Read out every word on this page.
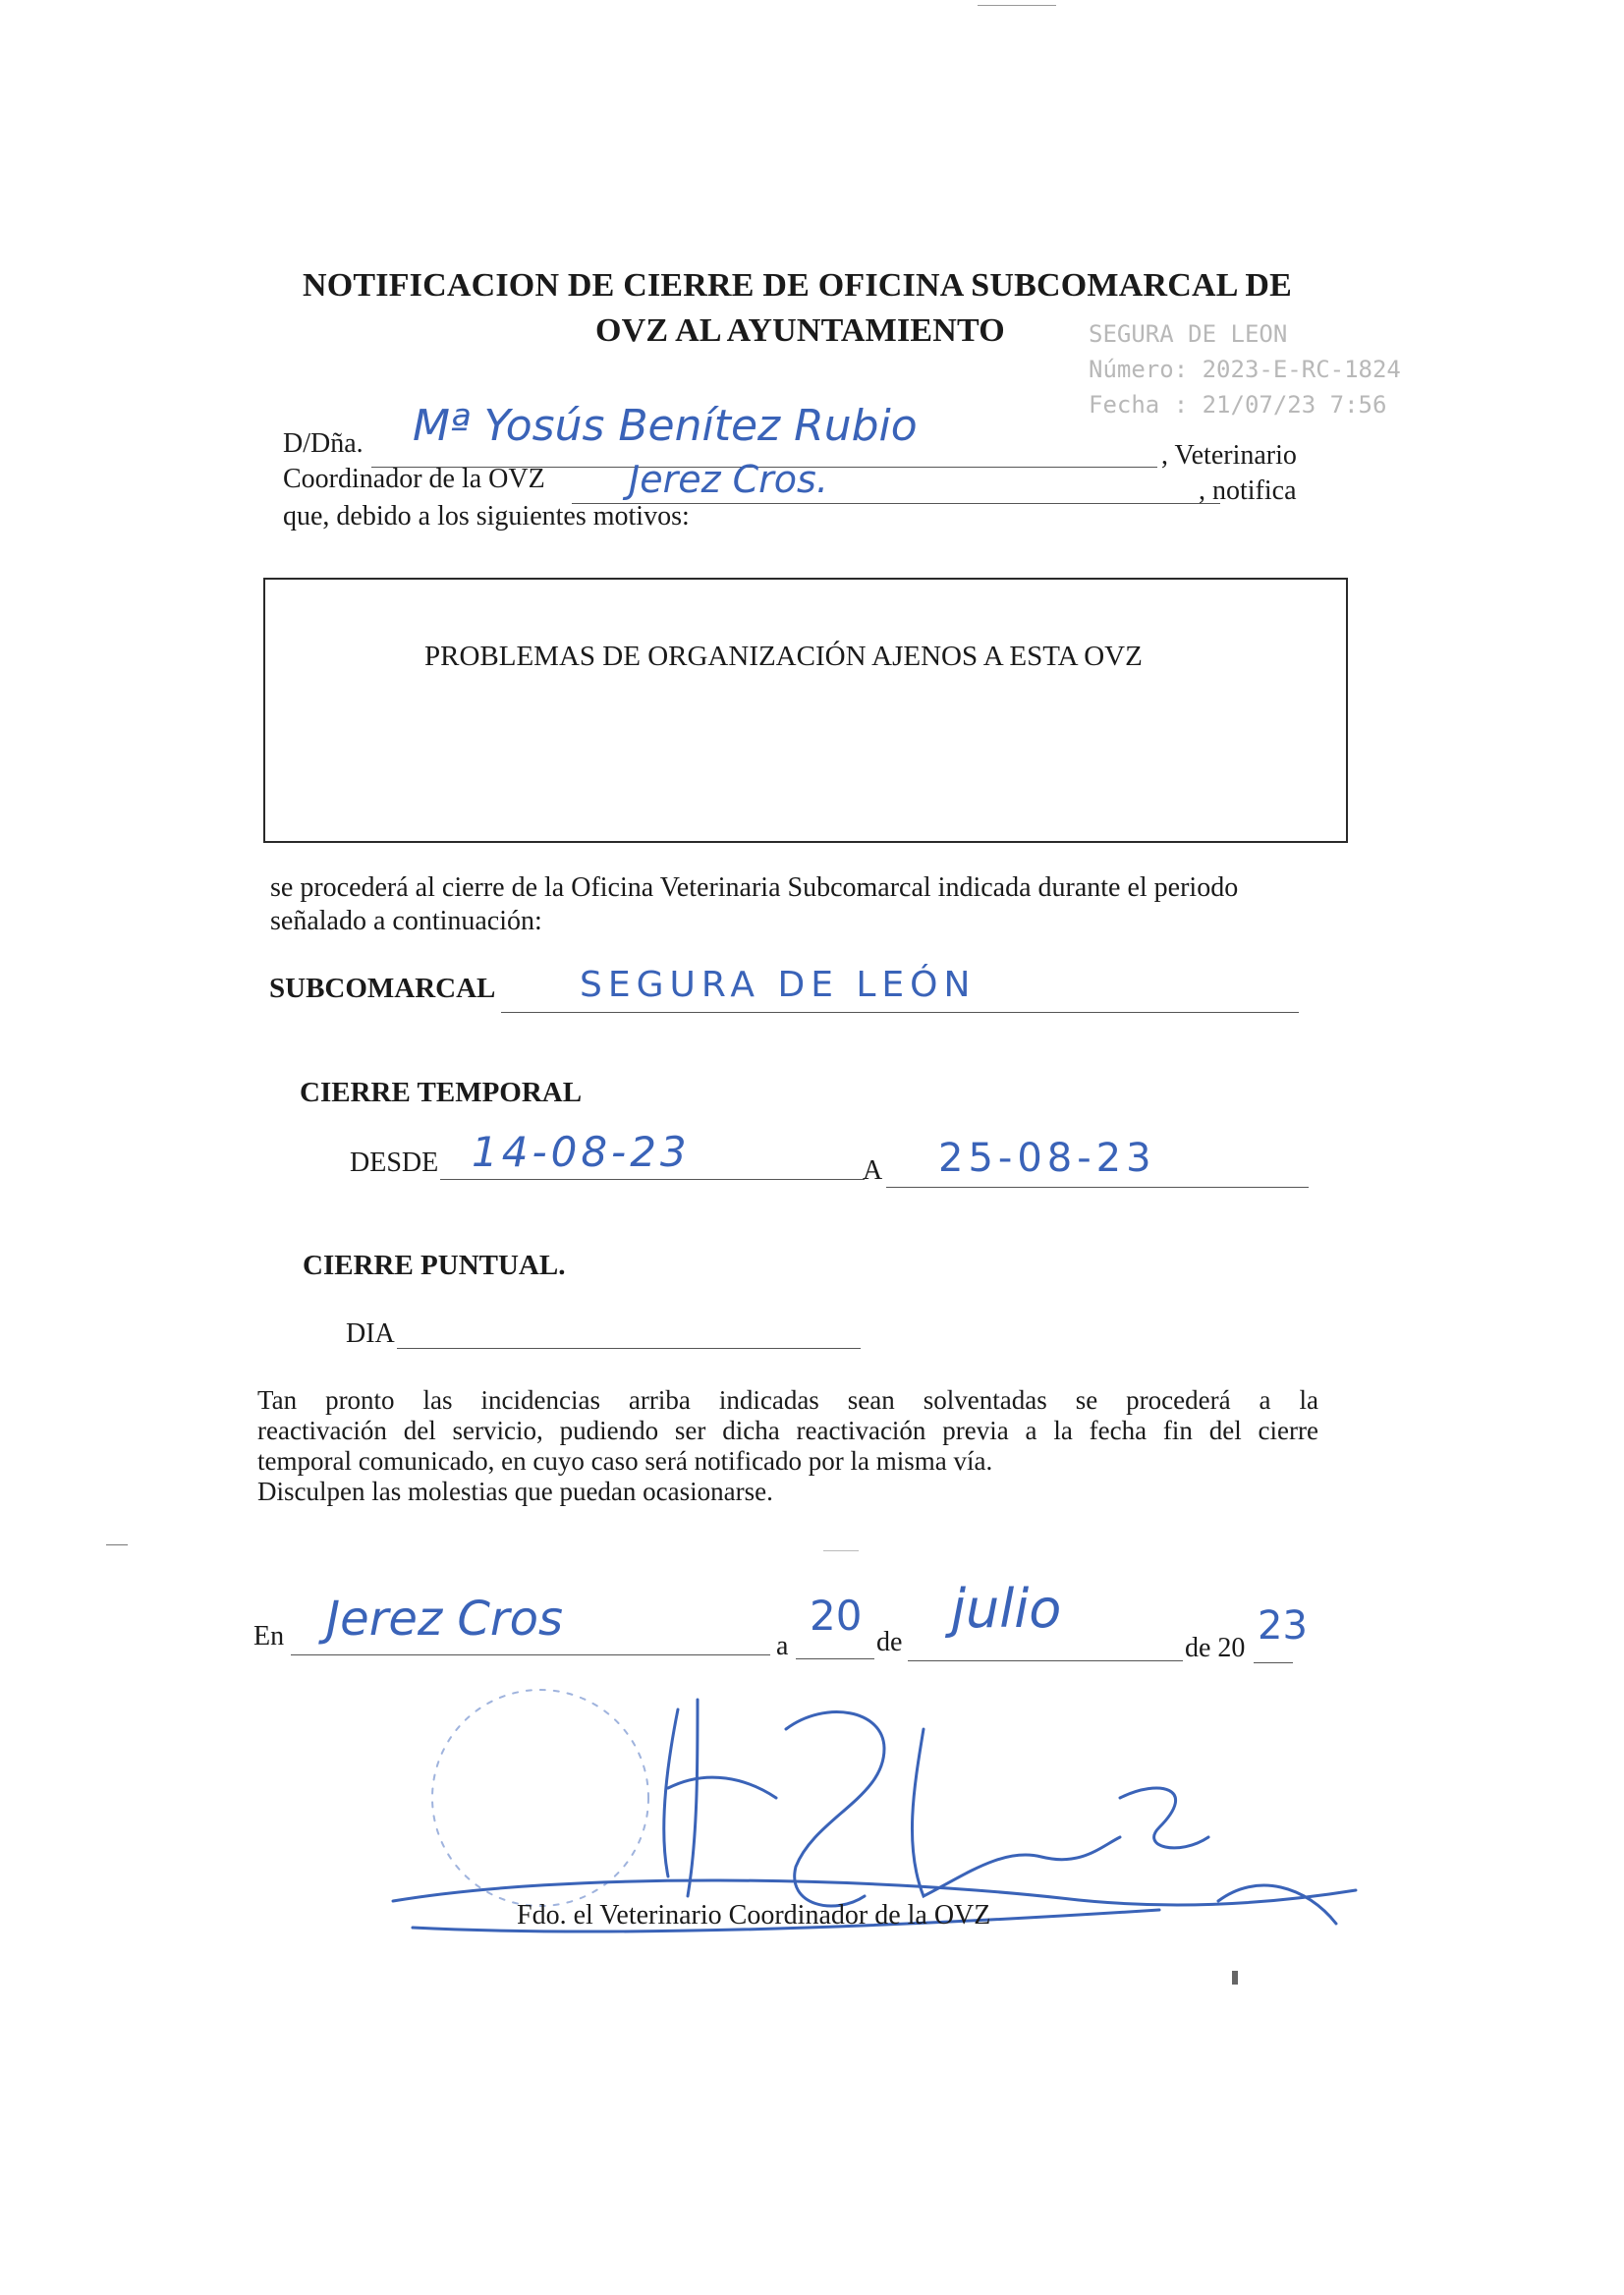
NOTIFICACION DE CIERRE DE OFICINA SUBCOMARCAL DE
OVZ AL AYUNTAMIENTO	SEGURA DE LEON
Número: 2023-E-RC-1824
Fecha : 21/07/23 7:56
D/Dña. Mª Yosús Benítez Rubio
, Veterinario
Coordinador de la OVZ Jerez Cros.	, notifica
que, debido a los siguientes motivos:
PROBLEMAS DE ORGANIZACIÓN AJENOS A ESTA OVZ
se procederá al cierre de la Oficina Veterinaria Subcomarcal indicada durante el periodo
señalado a continuación:
SUBCOMARCAL SEGURA DE LEÓN
CIERRE TEMPORAL
DESDE 14-08-23	A 25-08-23
CIERRE PUNTUAL.
DIA
Tan pronto las incidencias arriba indicadas sean solventadas se procederá a la
reactivación del servicio, pudiendo ser dicha reactivación previa a la fecha fin del cierre
temporal comunicado, en cuyo caso será notificado por la misma vía.
Disculpen las molestias que puedan ocasionarse.
En Jerez Cros	a
20
de
julio
de 20 23
Fdo. el Veterinario Coordinador de la OVZ
